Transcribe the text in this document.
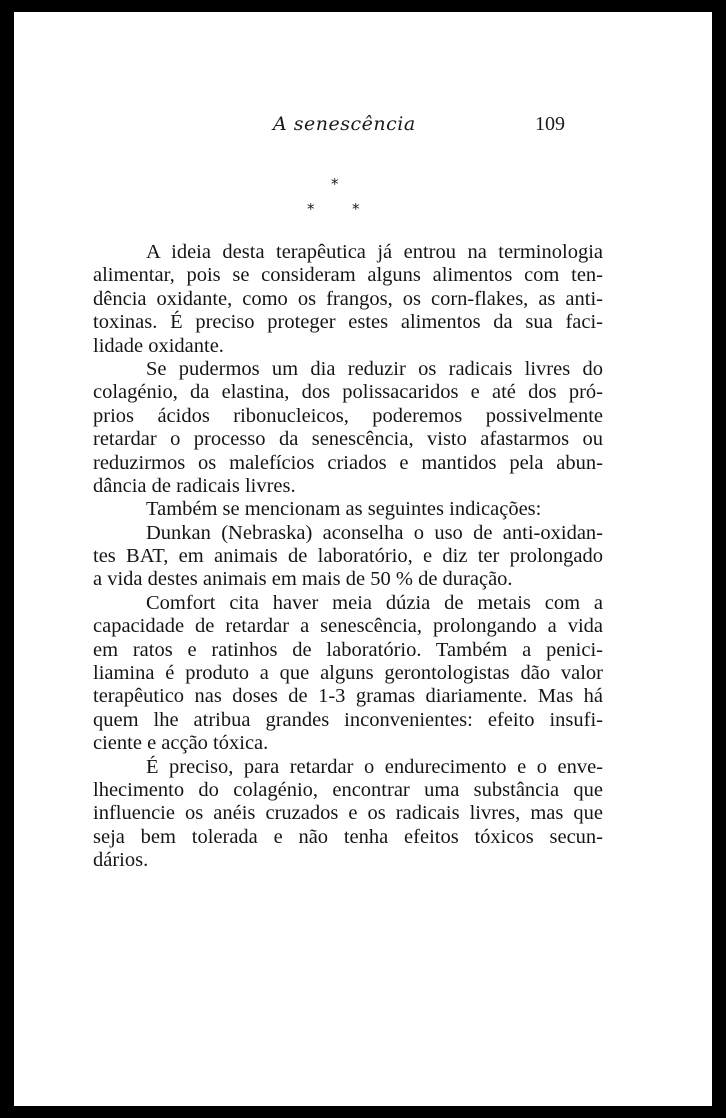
A senescência	109
*
*	*
A ideia desta terapêutica já entrou na terminologia
alimentar, pois se consideram alguns alimentos com ten-
dência oxidante, como os frangos, os corn-flakes, as anti-
toxinas. É preciso proteger estes alimentos da sua faci-
lidade oxidante.
Se pudermos um dia reduzir os radicais livres do
colagénio, da elastina, dos polissacaridos e até dos pró-
prios ácidos ribonucleicos, poderemos possivelmente
retardar o processo da senescência, visto afastarmos ou
reduzirmos os malefícios criados e mantidos pela abun-
dância de radicais livres.
Também se mencionam as seguintes indicações:
Dunkan (Nebraska) aconselha o uso de anti-oxidan-
tes BAT, em animais de laboratório, e diz ter prolongado
a vida destes animais em mais de 50 % de duração.
Comfort cita haver meia dúzia de metais com a
capacidade de retardar a senescência, prolongando a vida
em ratos e ratinhos de laboratório. Também a penici-
liamina é produto a que alguns gerontologistas dão valor
terapêutico nas doses de 1-3 gramas diariamente. Mas há
quem lhe atribua grandes inconvenientes: efeito insufi-
ciente e acção tóxica.
É preciso, para retardar o endurecimento e o enve-
lhecimento do colagénio, encontrar uma substância que
influencie os anéis cruzados e os radicais livres, mas que
seja bem tolerada e não tenha efeitos tóxicos secun-
dários.
